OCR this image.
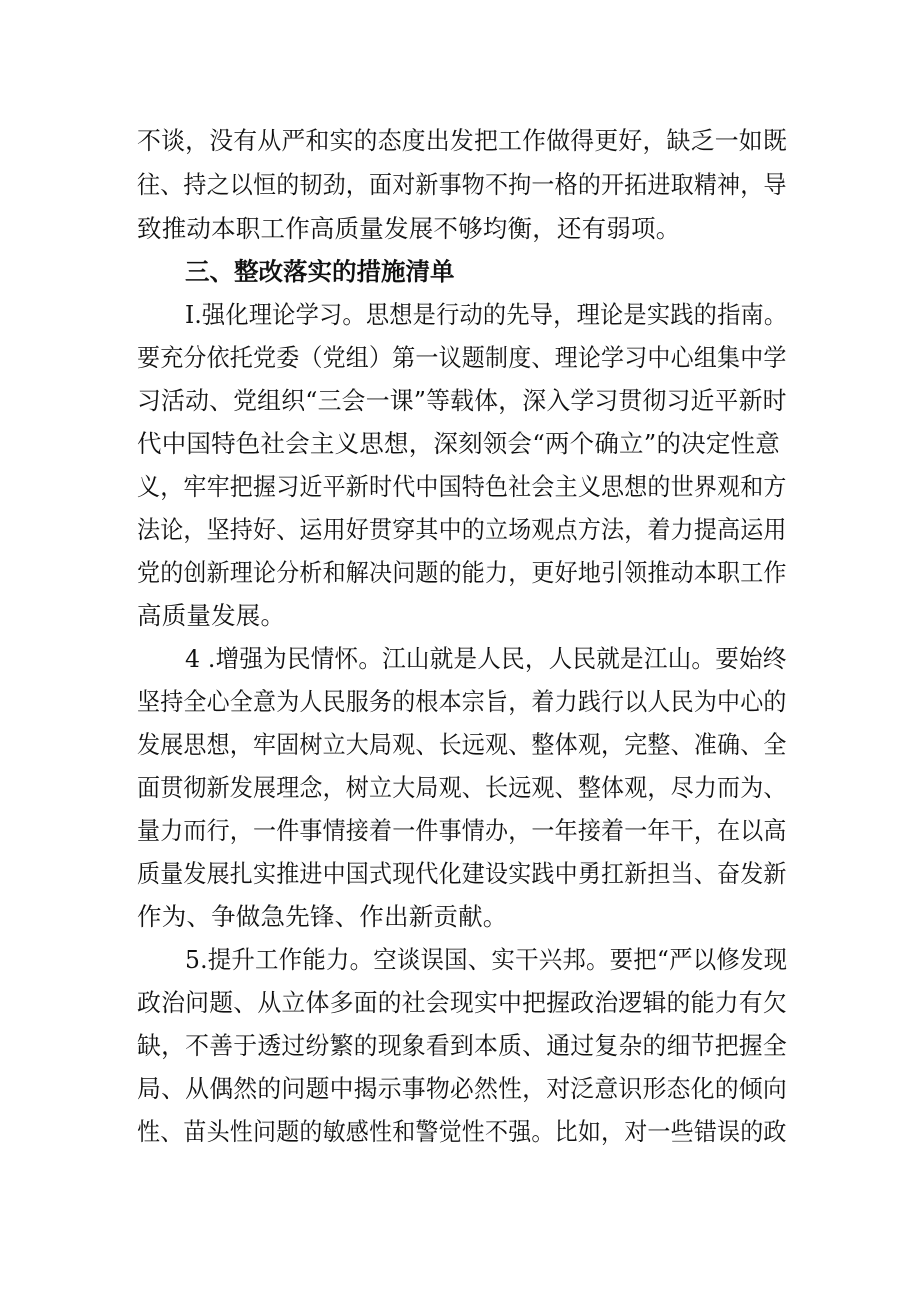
不谈，没有从严和实的态度出发把工作做得更好，缺乏一如既
往、持之以恒的韧劲，面对新事物不拘一格的开拓进取精神，导
致推动本职工作高质量发展不够均衡，还有弱项。
三、整改落实的措施清单
I.强化理论学习。思想是行动的先导，理论是实践的指南。
要充分依托党委（党组）第一议题制度、理论学习中心组集中学
习活动、党组织“三会一课”等载体，深入学习贯彻习近平新时
代中国特色社会主义思想，深刻领会“两个确立”的决定性意
义，牢牢把握习近平新时代中国特色社会主义思想的世界观和方
法论，坚持好、运用好贯穿其中的立场观点方法，着力提高运用
党的创新理论分析和解决问题的能力，更好地引领推动本职工作
高质量发展。
4 .增强为民情怀。江山就是人民，人民就是江山。要始终
坚持全心全意为人民服务的根本宗旨，着力践行以人民为中心的
发展思想，牢固树立大局观、长远观、整体观，完整、准确、全
面贯彻新发展理念，树立大局观、长远观、整体观，尽力而为、
量力而行，一件事情接着一件事情办，一年接着一年干，在以高
质量发展扎实推进中国式现代化建设实践中勇扛新担当、奋发新
作为、争做急先锋、作出新贡献。
5.提升工作能力。空谈误国、实干兴邦。要把“严以修发现
政治问题、从立体多面的社会现实中把握政治逻辑的能力有欠
缺，不善于透过纷繁的现象看到本质、通过复杂的细节把握全
局、从偶然的问题中揭示事物必然性，对泛意识形态化的倾向
性、苗头性问题的敏感性和警觉性不强。比如，对一些错误的政
